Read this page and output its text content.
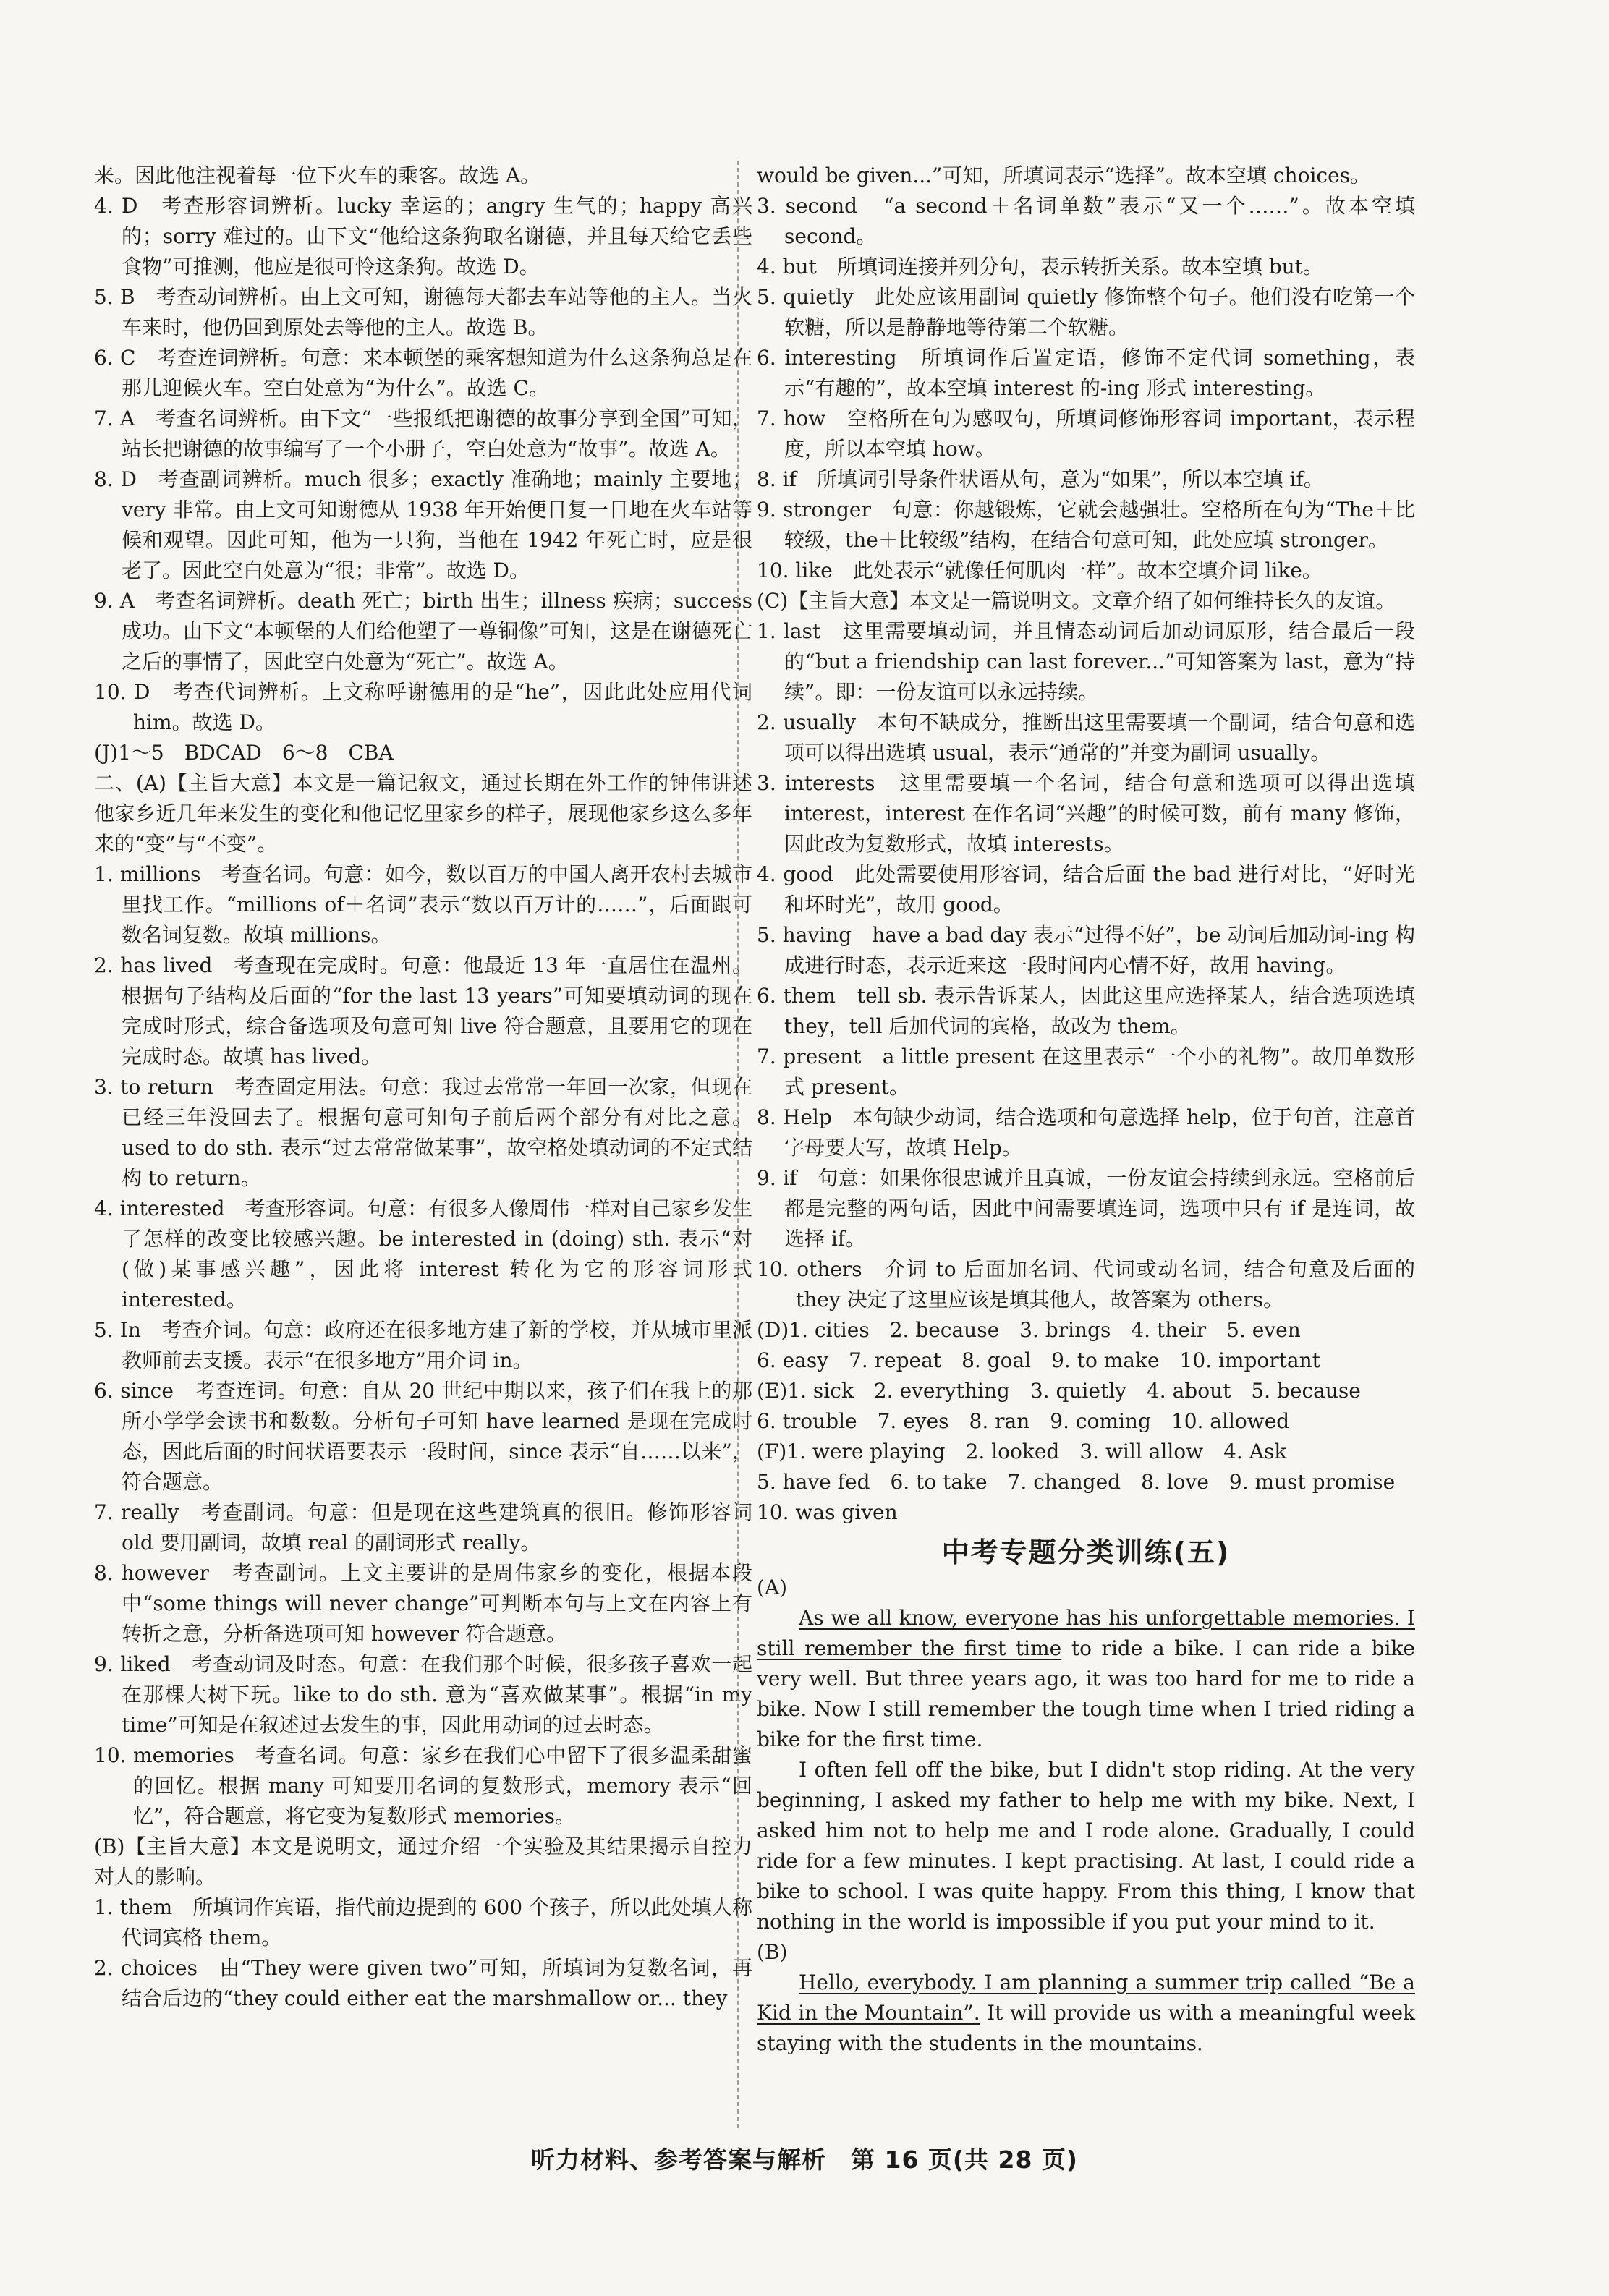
来。因此他注视着每一位下火车的乘客。故选 A。

4. D　考查形容词辨析。lucky 幸运的；angry 生气的；happy 高兴的；sorry 难过的。由下文“他给这条狗取名谢德，并且每天给它丢些食物”可推测，他应是很可怜这条狗。故选 D。

5. B　考查动词辨析。由上文可知，谢德每天都去车站等他的主人。当火车来时，他仍回到原处去等他的主人。故选 B。

6. C　考查连词辨析。句意：来本顿堡的乘客想知道为什么这条狗总是在那儿迎候火车。空白处意为“为什么”。故选 C。

7. A　考查名词辨析。由下文“一些报纸把谢德的故事分享到全国”可知，站长把谢德的故事编写了一个小册子，空白处意为“故事”。故选 A。

8. D　考查副词辨析。much 很多；exactly 准确地；mainly 主要地；very 非常。由上文可知谢德从 1938 年开始便日复一日地在火车站等候和观望。因此可知，他为一只狗，当他在 1942 年死亡时，应是很老了。因此空白处意为“很；非常”。故选 D。

9. A　考查名词辨析。death 死亡；birth 出生；illness 疾病；success 成功。由下文“本顿堡的人们给他塑了一尊铜像”可知，这是在谢德死亡之后的事情了，因此空白处意为“死亡”。故选 A。

10. D　考查代词辨析。上文称呼谢德用的是“he”，因此此处应用代词 him。故选 D。

(J)1～5　BDCAD　6～8　CBA

二、(A)【主旨大意】本文是一篇记叙文，通过长期在外工作的钟伟讲述他家乡近几年来发生的变化和他记忆里家乡的样子，展现他家乡这么多年来的“变”与“不变”。

1. millions　考查名词。句意：如今，数以百万的中国人离开农村去城市里找工作。“millions of＋名词”表示“数以百万计的……”，后面跟可数名词复数。故填 millions。

2. has lived　考查现在完成时。句意：他最近 13 年一直居住在温州。根据句子结构及后面的“for the last 13 years”可知要填动词的现在完成时形式，综合备选项及句意可知 live 符合题意，且要用它的现在完成时态。故填 has lived。

3. to return　考查固定用法。句意：我过去常常一年回一次家，但现在已经三年没回去了。根据句意可知句子前后两个部分有对比之意。used to do sth. 表示“过去常常做某事”，故空格处填动词的不定式结构 to return。

4. interested　考查形容词。句意：有很多人像周伟一样对自己家乡发生了怎样的改变比较感兴趣。be interested in (doing) sth. 表示“对(做)某事感兴趣”，因此将 interest 转化为它的形容词形式 interested。

5. In　考查介词。句意：政府还在很多地方建了新的学校，并从城市里派教师前去支援。表示“在很多地方”用介词 in。

6. since　考查连词。句意：自从 20 世纪中期以来，孩子们在我上的那所小学学会读书和数数。分析句子可知 have learned 是现在完成时态，因此后面的时间状语要表示一段时间，since 表示“自……以来”，符合题意。

7. really　考查副词。句意：但是现在这些建筑真的很旧。修饰形容词 old 要用副词，故填 real 的副词形式 really。

8. however　考查副词。上文主要讲的是周伟家乡的变化，根据本段中“some things will never change”可判断本句与上文在内容上有转折之意，分析备选项可知 however 符合题意。

9. liked　考查动词及时态。句意：在我们那个时候，很多孩子喜欢一起在那棵大树下玩。like to do sth. 意为“喜欢做某事”。根据“in my time”可知是在叙述过去发生的事，因此用动词的过去时态。

10. memories　考查名词。句意：家乡在我们心中留下了很多温柔甜蜜的回忆。根据 many 可知要用名词的复数形式，memory 表示“回忆”，符合题意，将它变为复数形式 memories。

(B)【主旨大意】本文是说明文，通过介绍一个实验及其结果揭示自控力对人的影响。

1. them　所填词作宾语，指代前边提到的 600 个孩子，所以此处填人称代词宾格 them。

2. choices　由“They were given two”可知，所填词为复数名词，再结合后边的“they could either eat the marshmallow or... they

would be given...”可知，所填词表示“选择”。故本空填 choices。

3. second　“a second＋名词单数”表示“又一个……”。故本空填 second。

4. but　所填词连接并列分句，表示转折关系。故本空填 but。

5. quietly　此处应该用副词 quietly 修饰整个句子。他们没有吃第一个软糖，所以是静静地等待第二个软糖。

6. interesting　所填词作后置定语，修饰不定代词 something，表示“有趣的”，故本空填 interest 的-ing 形式 interesting。

7. how　空格所在句为感叹句，所填词修饰形容词 important，表示程度，所以本空填 how。

8. if　所填词引导条件状语从句，意为“如果”，所以本空填 if。

9. stronger　句意：你越锻炼，它就会越强壮。空格所在句为“The＋比较级，the＋比较级”结构，在结合句意可知，此处应填 stronger。

10. like　此处表示“就像任何肌肉一样”。故本空填介词 like。

(C)【主旨大意】本文是一篇说明文。文章介绍了如何维持长久的友谊。

1. last　这里需要填动词，并且情态动词后加动词原形，结合最后一段的“but a friendship can last forever...”可知答案为 last，意为“持续”。即：一份友谊可以永远持续。

2. usually　本句不缺成分，推断出这里需要填一个副词，结合句意和选项可以得出选填 usual，表示“通常的”并变为副词 usually。

3. interests　这里需要填一个名词，结合句意和选项可以得出选填 interest，interest 在作名词“兴趣”的时候可数，前有 many 修饰，因此改为复数形式，故填 interests。

4. good　此处需要使用形容词，结合后面 the bad 进行对比，“好时光和坏时光”，故用 good。

5. having　have a bad day 表示“过得不好”，be 动词后加动词-ing 构成进行时态，表示近来这一段时间内心情不好，故用 having。

6. them　tell sb. 表示告诉某人，因此这里应选择某人，结合选项选填 they，tell 后加代词的宾格，故改为 them。

7. present　a little present 在这里表示“一个小的礼物”。故用单数形式 present。

8. Help　本句缺少动词，结合选项和句意选择 help，位于句首，注意首字母要大写，故填 Help。

9. if　句意：如果你很忠诚并且真诚，一份友谊会持续到永远。空格前后都是完整的两句话，因此中间需要填连词，选项中只有 if 是连词，故选择 if。

10. others　介词 to 后面加名词、代词或动名词，结合句意及后面的 they 决定了这里应该是填其他人，故答案为 others。

(D)1. cities　2. because　3. brings　4. their　5. even

6. easy　7. repeat　8. goal　9. to make　10. important

(E)1. sick　2. everything　3. quietly　4. about　5. because

6. trouble　7. eyes　8. ran　9. coming　10. allowed

(F)1. were playing　2. looked　3. will allow　4. Ask

5. have fed　6. to take　7. changed　8. love　9. must promise

10. was given

中考专题分类训练(五)

(A)

As we all know, everyone has his unforgettable memories. I still remember the first time to ride a bike. I can ride a bike very well. But three years ago, it was too hard for me to ride a bike. Now I still remember the tough time when I tried riding a bike for the first time.

I often fell off the bike, but I didn't stop riding. At the very beginning, I asked my father to help me with my bike. Next, I asked him not to help me and I rode alone. Gradually, I could ride for a few minutes. I kept practising. At last, I could ride a bike to school. I was quite happy. From this thing, I know that nothing in the world is impossible if you put your mind to it.

(B)

Hello, everybody. I am planning a summer trip called “Be a Kid in the Mountain”. It will provide us with a meaningful week staying with the students in the mountains.

听力材料、参考答案与解析　第 16 页(共 28 页)
